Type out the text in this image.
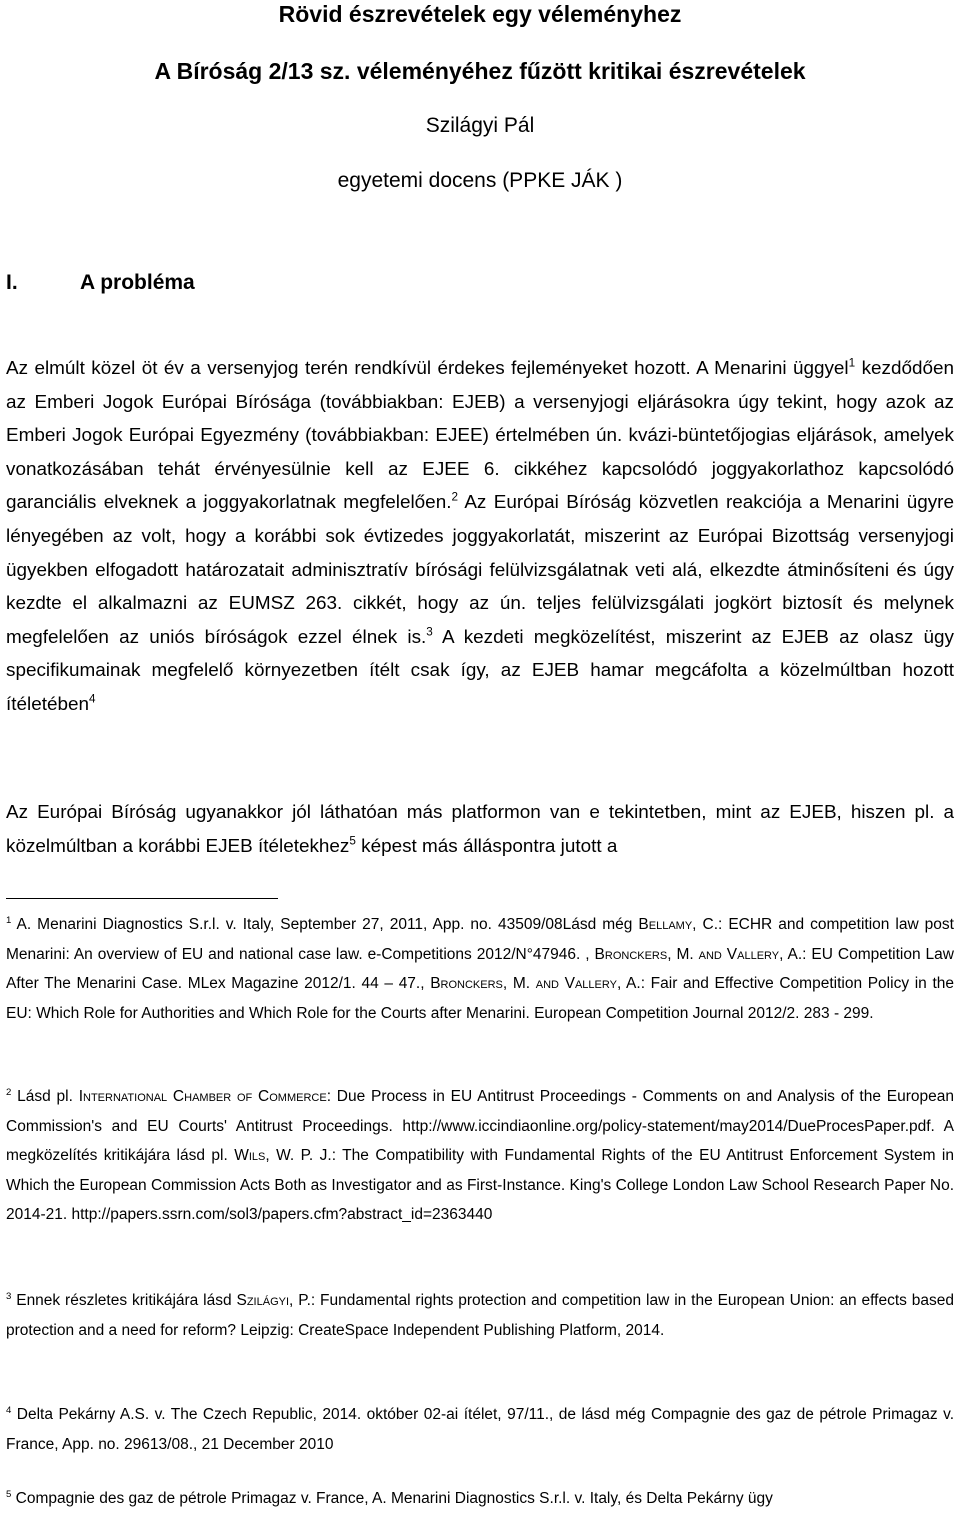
Rövid észrevételek egy véleményhez

A Bíróság 2/13 sz. véleményéhez fűzött kritikai észrevételek

Szilágyi Pál

egyetemi docens (PPKE JÁK )

I.	A probléma

Az elmúlt közel öt év a versenyjog terén rendkívül érdekes fejleményeket hozott. A Menarini üggyel$^1$ kezdődően az Emberi Jogok Európai Bírósága (továbbiakban: EJEB) a versenyjogi eljárásokra úgy tekint, hogy azok az Emberi Jogok Európai Egyezmény (továbbiakban: EJEE) értelmében ún. kvázi-büntetőjogias eljárások, amelyek vonatkozásában tehát érvényesülnie kell az EJEE 6. cikkéhez kapcsolódó joggyakorlathoz kapcsolódó garanciális elveknek a joggyakorlatnak megfelelően.$^2$ Az Európai Bíróság közvetlen reakciója a Menarini ügyre lényegében az volt, hogy a korábbi sok évtizedes joggyakorlatát, miszerint az Európai Bizottság versenyjogi ügyekben elfogadott határozatait adminisztratív bírósági felülvizsgálatnak veti alá, elkezdte átminősíteni és úgy kezdte el alkalmazni az EUMSZ 263. cikkét, hogy az ún. teljes felülvizsgálati jogkört biztosít és melynek megfelelően az uniós bíróságok ezzel élnek is.$^3$ A kezdeti megközelítést, miszerint az EJEB az olasz ügy specifikumainak megfelelő környezetben ítélt csak így, az EJEB hamar megcáfolta a közelmúltban hozott ítéletében$^4$

Az Európai Bíróság ugyanakkor jól láthatóan más platformon van e tekintetben, mint az EJEB, hiszen pl. a közelmúltban a korábbi EJEB ítéletekhez$^5$ képest más álláspontra jutott a

$^1$ A. Menarini Diagnostics S.r.l. v. Italy, September 27, 2011, App. no. 43509/08Lásd még Bellamy, C.: ECHR and competition law post Menarini: An overview of EU and national case law. e-Competitions 2012/N°47946. , Bronckers, M. and Vallery, A.: EU Competition Law After The Menarini Case. MLex Magazine 2012/1. 44 – 47., Bronckers, M. and Vallery, A.: Fair and Effective Competition Policy in the EU: Which Role for Authorities and Which Role for the Courts after Menarini. European Competition Journal 2012/2. 283 - 299.

$^2$ Lásd pl. International Chamber of Commerce: Due Process in EU Antitrust Proceedings - Comments on and Analysis of the European Commission's and EU Courts' Antitrust Proceedings. http://www.iccindiaonline.org/policy-statement/may2014/DueProcesPaper.pdf. A megközelítés kritikájára lásd pl. Wils, W. P. J.: The Compatibility with Fundamental Rights of the EU Antitrust Enforcement System in Which the European Commission Acts Both as Investigator and as First-Instance. King's College London Law School Research Paper No. 2014-21. http://papers.ssrn.com/sol3/papers.cfm?abstract_id=2363440

$^3$ Ennek részletes kritikájára lásd Szilágyi, P.: Fundamental rights protection and competition law in the European Union: an effects based protection and a need for reform? Leipzig: CreateSpace Independent Publishing Platform, 2014.

$^4$ Delta Pekárny A.S. v. The Czech Republic, 2014. október 02-ai ítélet, 97/11., de lásd még Compagnie des gaz de pétrole Primagaz v. France, App. no. 29613/08., 21 December 2010

$^5$ Compagnie des gaz de pétrole Primagaz v. France, A. Menarini Diagnostics S.r.l. v. Italy, és Delta Pekárny ügy
